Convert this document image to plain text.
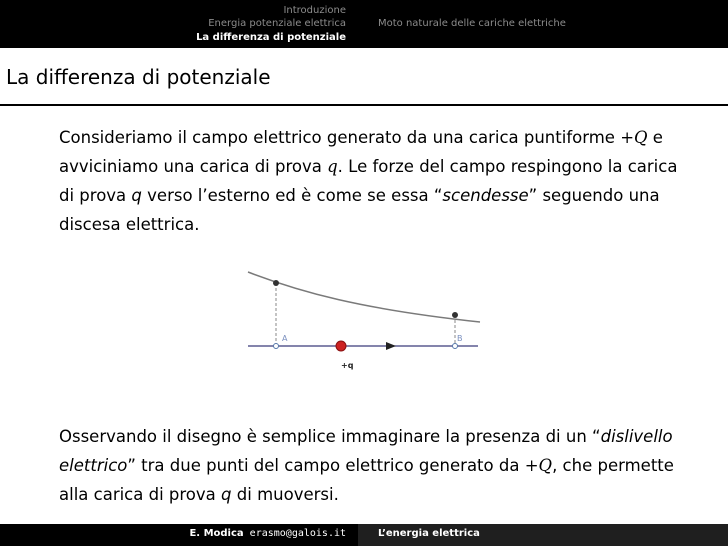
Introduzione
Energia potenziale elettrica
La differenza di potenziale
Moto naturale delle cariche elettriche
La differenza di potenziale
Consideriamo il campo elettrico generato da una carica puntiforme +Q e avviciniamo una carica di prova q. Le forze del campo respingono la carica di prova q verso l’esterno ed è come se essa “scendesse” seguendo una discesa elettrica.
A	B
+q
Osservando il disegno è semplice immaginare la presenza di un “dislivello elettrico” tra due punti del campo elettrico generato da +Q, che permette alla carica di prova q di muoversi.
E. Modica erasmo@galois.it	L’energia elettrica
